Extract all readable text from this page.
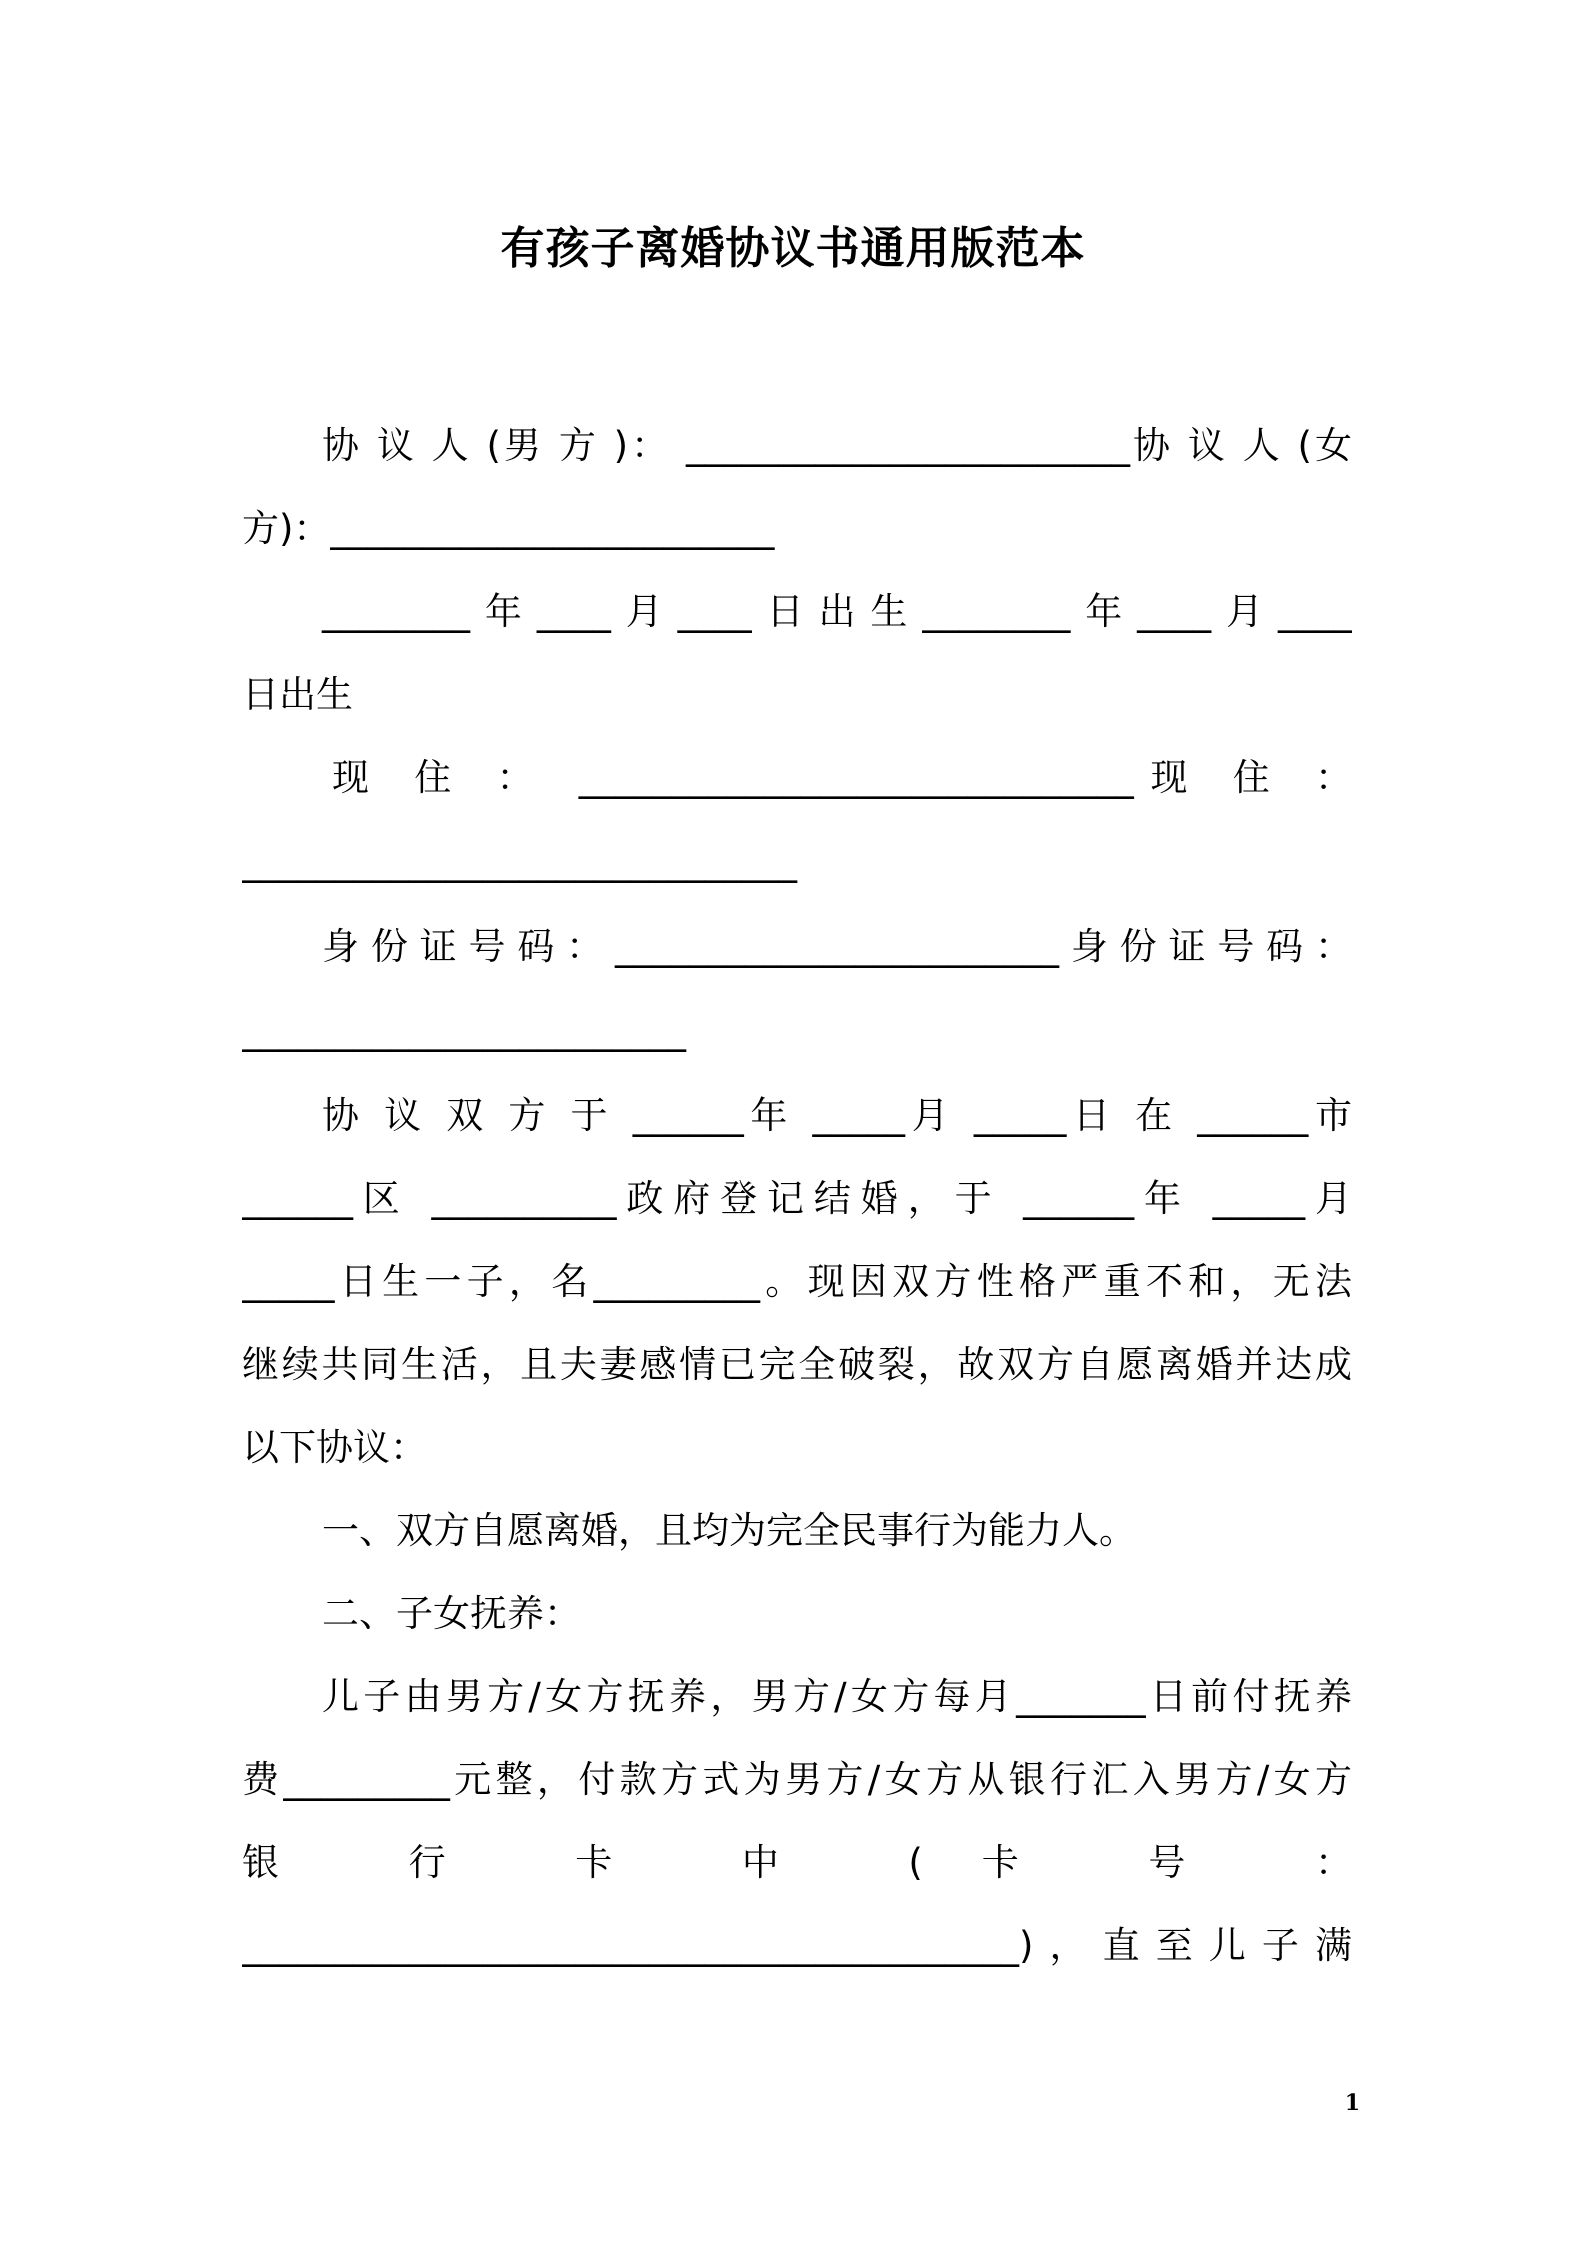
有孩子离婚协议书通用版范本
协 议 人 (男 方 )： ________________________协 议 人 (女
方)：________________________
________年____月____日出生________年____月____
日出生
现 住 ： ______________________________现 住 ：
______________________________
身份证号码：________________________身份证号码：
________________________
协 议 双 方 于 ______年 _____月 _____日 在 ______市
______区 __________政府登记结婚，于 ______年 _____月
_____日生一子，名_________。现因双方性格严重不和，无法
继续共同生活，且夫妻感情已完全破裂，故双方自愿离婚并达成
以下协议：
一、双方自愿离婚，且均为完全民事行为能力人。
二、子女抚养：
儿子由男方/女方抚养，男方/女方每月_______日前付抚养
费_________元整，付款方式为男方/女方从银行汇入男方/女方
银 行 卡 中 (卡 号 ：
__________________________________________)，直至儿子满
1
